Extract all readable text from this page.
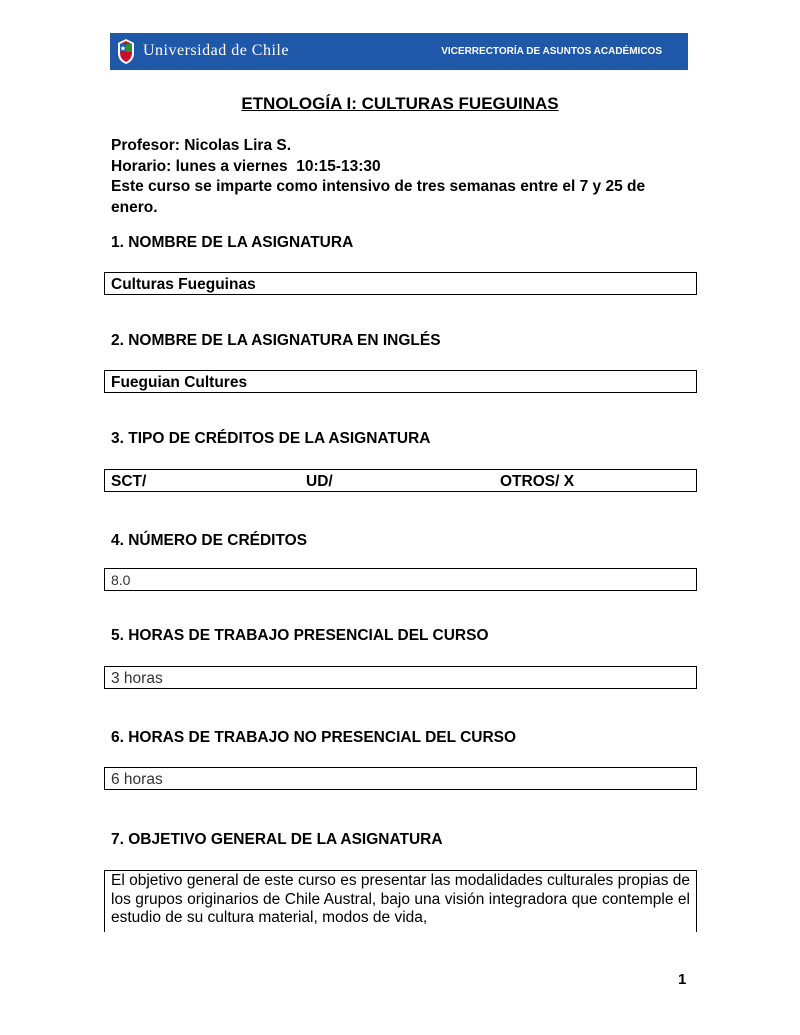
Universidad de Chile	VICERRECTORÍA DE ASUNTOS ACADÉMICOS
ETNOLOGÍA I: CULTURAS FUEGUINAS
Profesor: Nicolas Lira S.
Horario: lunes a viernes  10:15-13:30
Este curso se imparte como intensivo de tres semanas entre el 7 y 25 de enero.
1. NOMBRE DE LA ASIGNATURA
Culturas Fueguinas
2. NOMBRE DE LA ASIGNATURA EN INGLÉS
Fueguian Cultures
3. TIPO DE CRÉDITOS DE LA ASIGNATURA
SCT/	UD/	OTROS/ X
4. NÚMERO DE CRÉDITOS
8.0
5. HORAS DE TRABAJO PRESENCIAL DEL CURSO
3 horas
6. HORAS DE TRABAJO NO PRESENCIAL DEL CURSO
6 horas
7. OBJETIVO GENERAL DE LA ASIGNATURA
El objetivo general de este curso es presentar las modalidades culturales propias de los grupos originarios de Chile Austral, bajo una visión integradora que contemple el estudio de su cultura material, modos de vida,
1
